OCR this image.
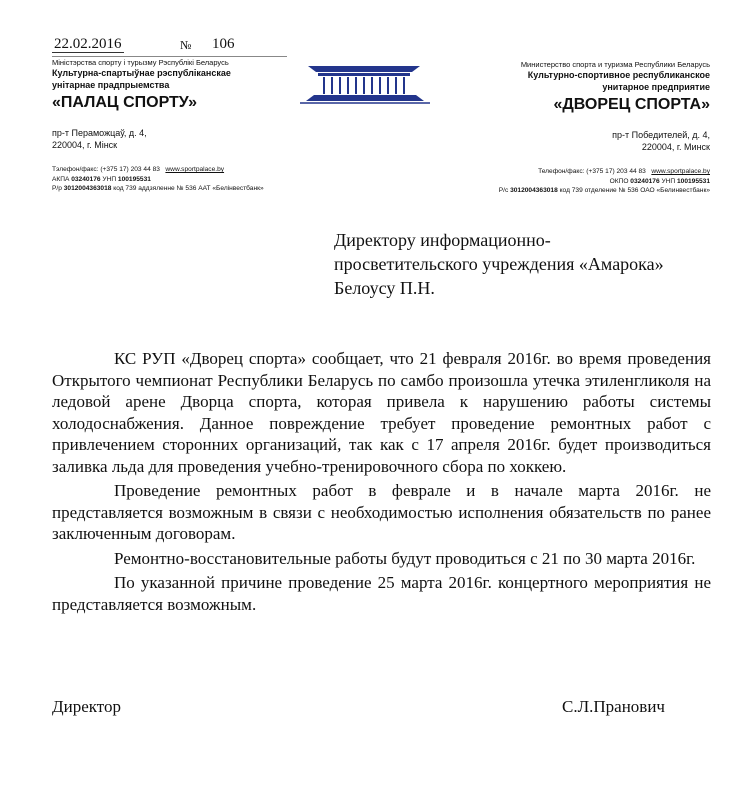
22.02.2016	№ 106
Міністэрства спорту і турызму Рэспублікі Беларусь
Культурна-спартыўнае рэспубліканскае
унітарнае прадпрыемства
«ПАЛАЦ СПОРТУ»
пр-т Пераможцаў, д. 4,
220004, г. Мінск
Тэлефон/факс: (+375 17) 203 44 83 www.sportpalace.by
АКПА 03240176 УНП 100195531
Р/р 3012004363018 код 739 аддзяленне № 536 ААТ «Белінвестбанк»
Министерство спорта и туризма Республики Беларусь
Культурно-спортивное республиканское
унитарное предприятие
«ДВОРЕЦ СПОРТА»
пр-т Победителей, д. 4,
220004, г. Минск
Телефон/факс: (+375 17) 203 44 83 www.sportpalace.by
ОКПО 03240176 УНП 100195531
Р/с 3012004363018 код 739 отделение № 536 ОАО «Белинвестбанк»
Директору информационно-
просветительского учреждения «Амарока»
Белоусу П.Н.

КС РУП «Дворец спорта» сообщает, что 21 февраля 2016г. во время проведения Открытого чемпионат Республики Беларусь по самбо произошла утечка этиленгликоля на ледовой арене Дворца спорта, которая привела к нарушению работы системы холодоснабжения. Данное повреждение требует проведение ремонтных работ с привлечением сторонних организаций, так как с 17 апреля 2016г. будет производиться заливка льда для проведения учебно-тренировочного сбора по хоккею.

Проведение ремонтных работ в феврале и в начале марта 2016г. не представляется возможным в связи с необходимостью исполнения обязательств по ранее заключенным договорам.

Ремонтно-восстановительные работы будут проводиться с 21 по 30 марта 2016г.

По указанной причине проведение 25 марта 2016г. концертного мероприятия не представляется возможным.

Директор	С.Л.Пранович
